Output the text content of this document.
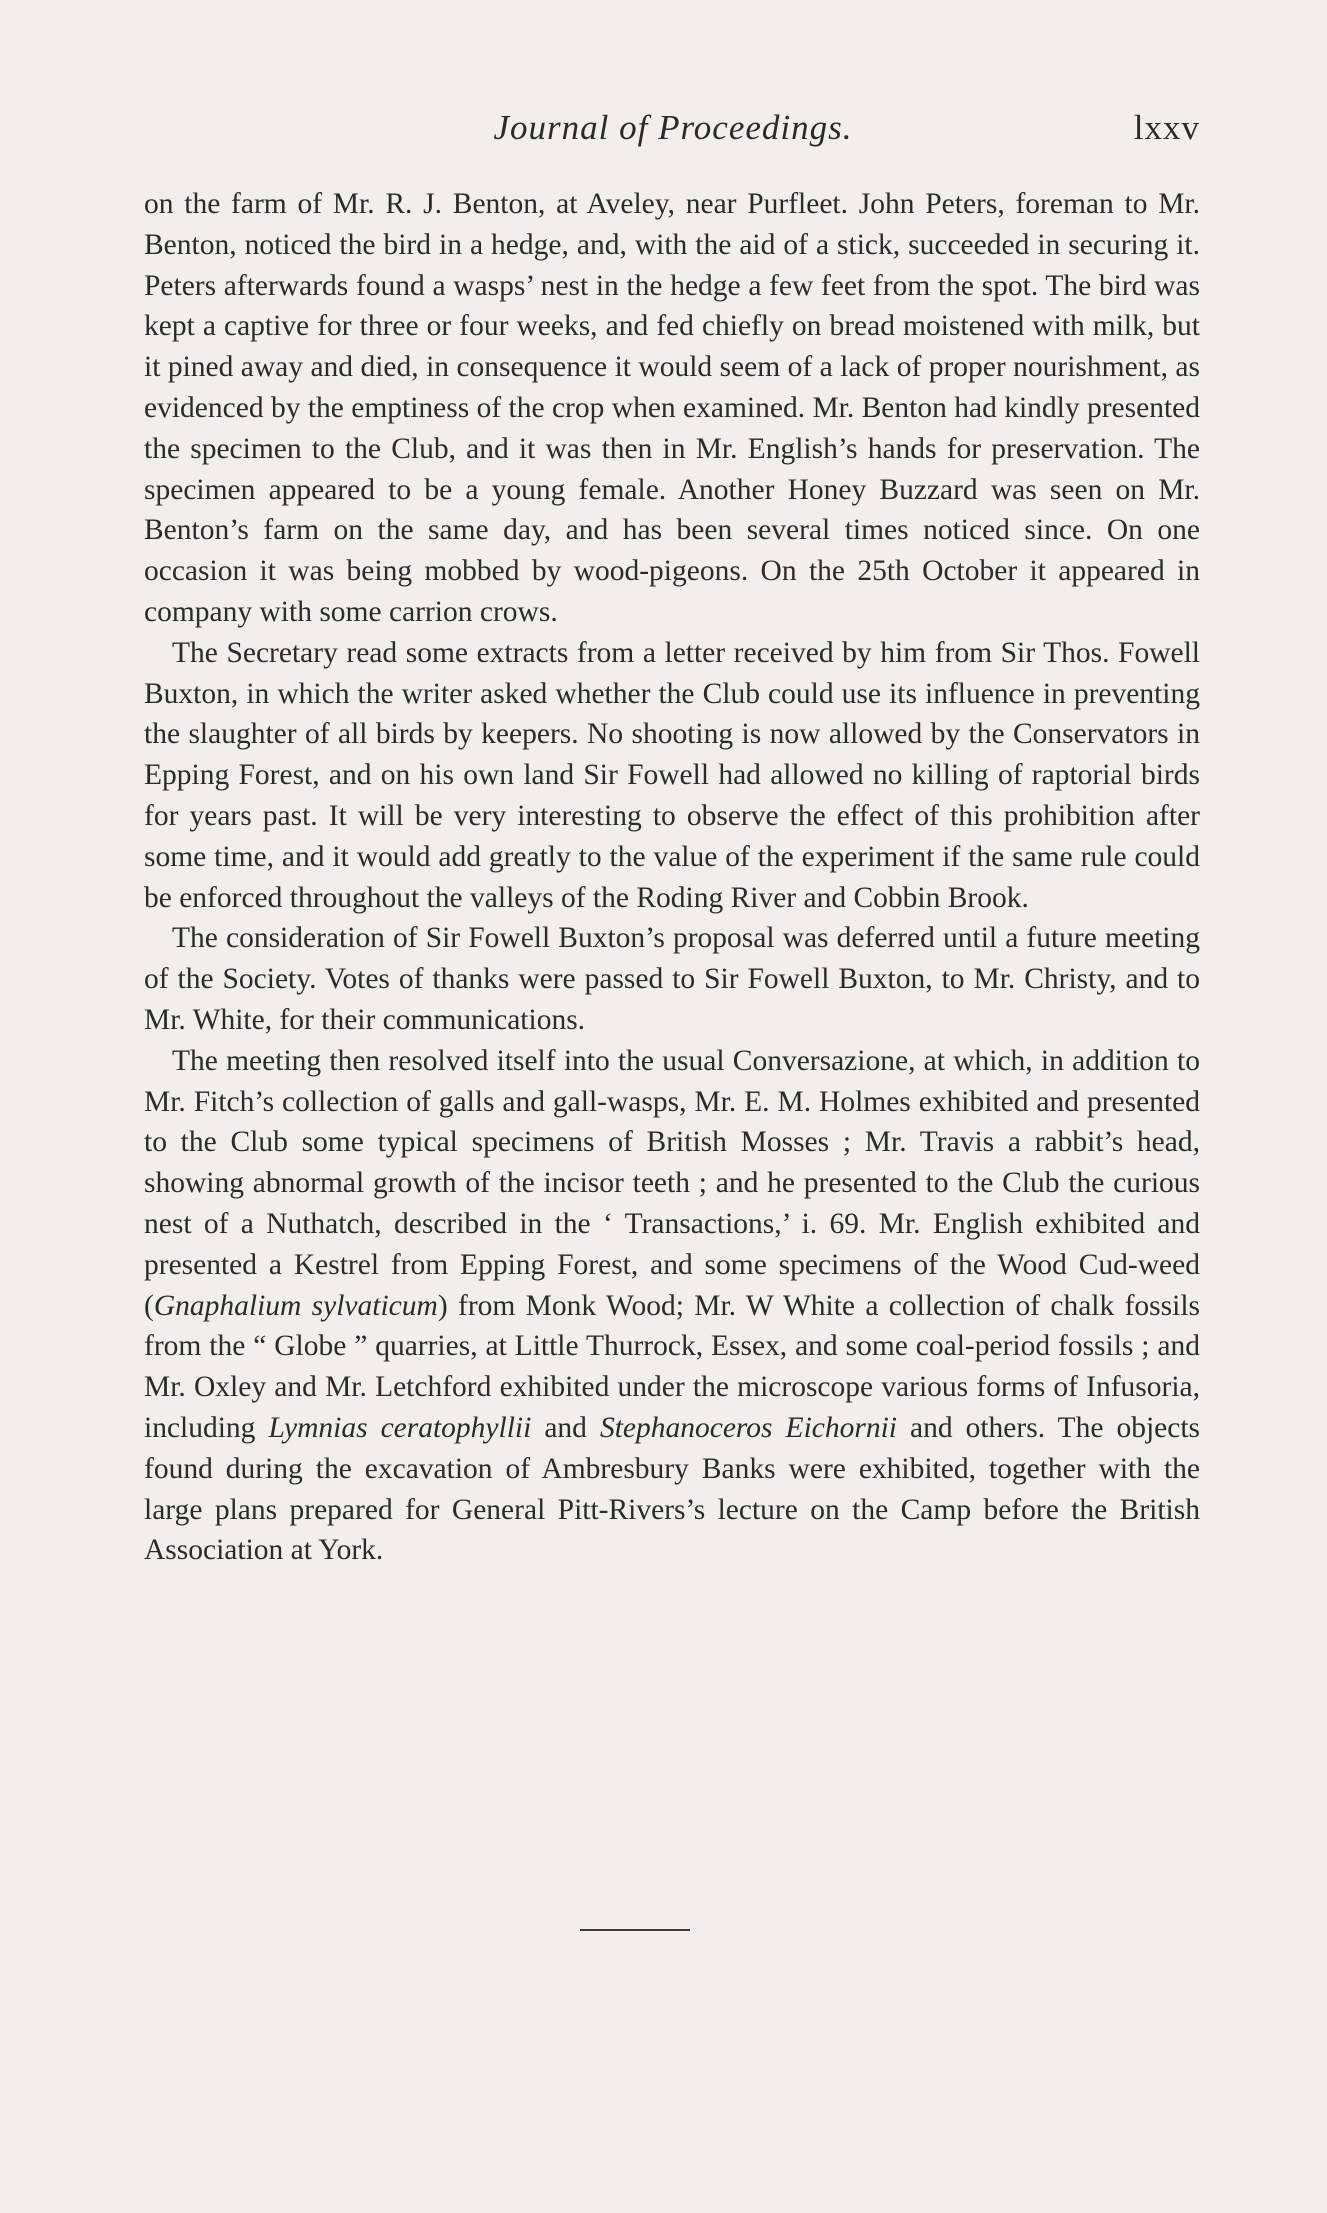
Journal of Proceedings.	lxxv

on the farm of Mr. R. J. Benton, at Aveley, near Purfleet. John Peters, foreman to Mr. Benton, noticed the bird in a hedge, and, with the aid of a stick, succeeded in securing it. Peters afterwards found a wasps’ nest in the hedge a few feet from the spot. The bird was kept a captive for three or four weeks, and fed chiefly on bread moistened with milk, but it pined away and died, in consequence it would seem of a lack of proper nourishment, as evidenced by the emptiness of the crop when examined. Mr. Benton had kindly presented the specimen to the Club, and it was then in Mr. English’s hands for preservation. The specimen appeared to be a young female. Another Honey Buzzard was seen on Mr. Benton’s farm on the same day, and has been several times noticed since. On one occasion it was being mobbed by wood-pigeons. On the 25th October it appeared in company with some carrion crows.

The Secretary read some extracts from a letter received by him from Sir Thos. Fowell Buxton, in which the writer asked whether the Club could use its influence in preventing the slaughter of all birds by keepers. No shooting is now allowed by the Conservators in Epping Forest, and on his own land Sir Fowell had allowed no killing of raptorial birds for years past. It will be very interesting to observe the effect of this prohibition after some time, and it would add greatly to the value of the experiment if the same rule could be enforced throughout the valleys of the Roding River and Cobbin Brook.

The consideration of Sir Fowell Buxton’s proposal was deferred until a future meeting of the Society. Votes of thanks were passed to Sir Fowell Buxton, to Mr. Christy, and to Mr. White, for their communications.

The meeting then resolved itself into the usual Conversazione, at which, in addition to Mr. Fitch’s collection of galls and gall-wasps, Mr. E. M. Holmes exhibited and presented to the Club some typical specimens of British Mosses ; Mr. Travis a rabbit’s head, showing abnormal growth of the incisor teeth ; and he presented to the Club the curious nest of a Nuthatch, described in the ‘ Transactions,’ i. 69. Mr. English exhibited and presented a Kestrel from Epping Forest, and some specimens of the Wood Cud-weed (Gnaphalium sylvaticum) from Monk Wood; Mr. W White a collection of chalk fossils from the “ Globe ” quarries, at Little Thurrock, Essex, and some coal-period fossils ; and Mr. Oxley and Mr. Letchford exhibited under the microscope various forms of Infusoria, including Lymnias ceratophyllii and Stephanoceros Eichornii and others. The objects found during the excavation of Ambresbury Banks were exhibited, together with the large plans prepared for General Pitt-Rivers’s lecture on the Camp before the British Association at York.
